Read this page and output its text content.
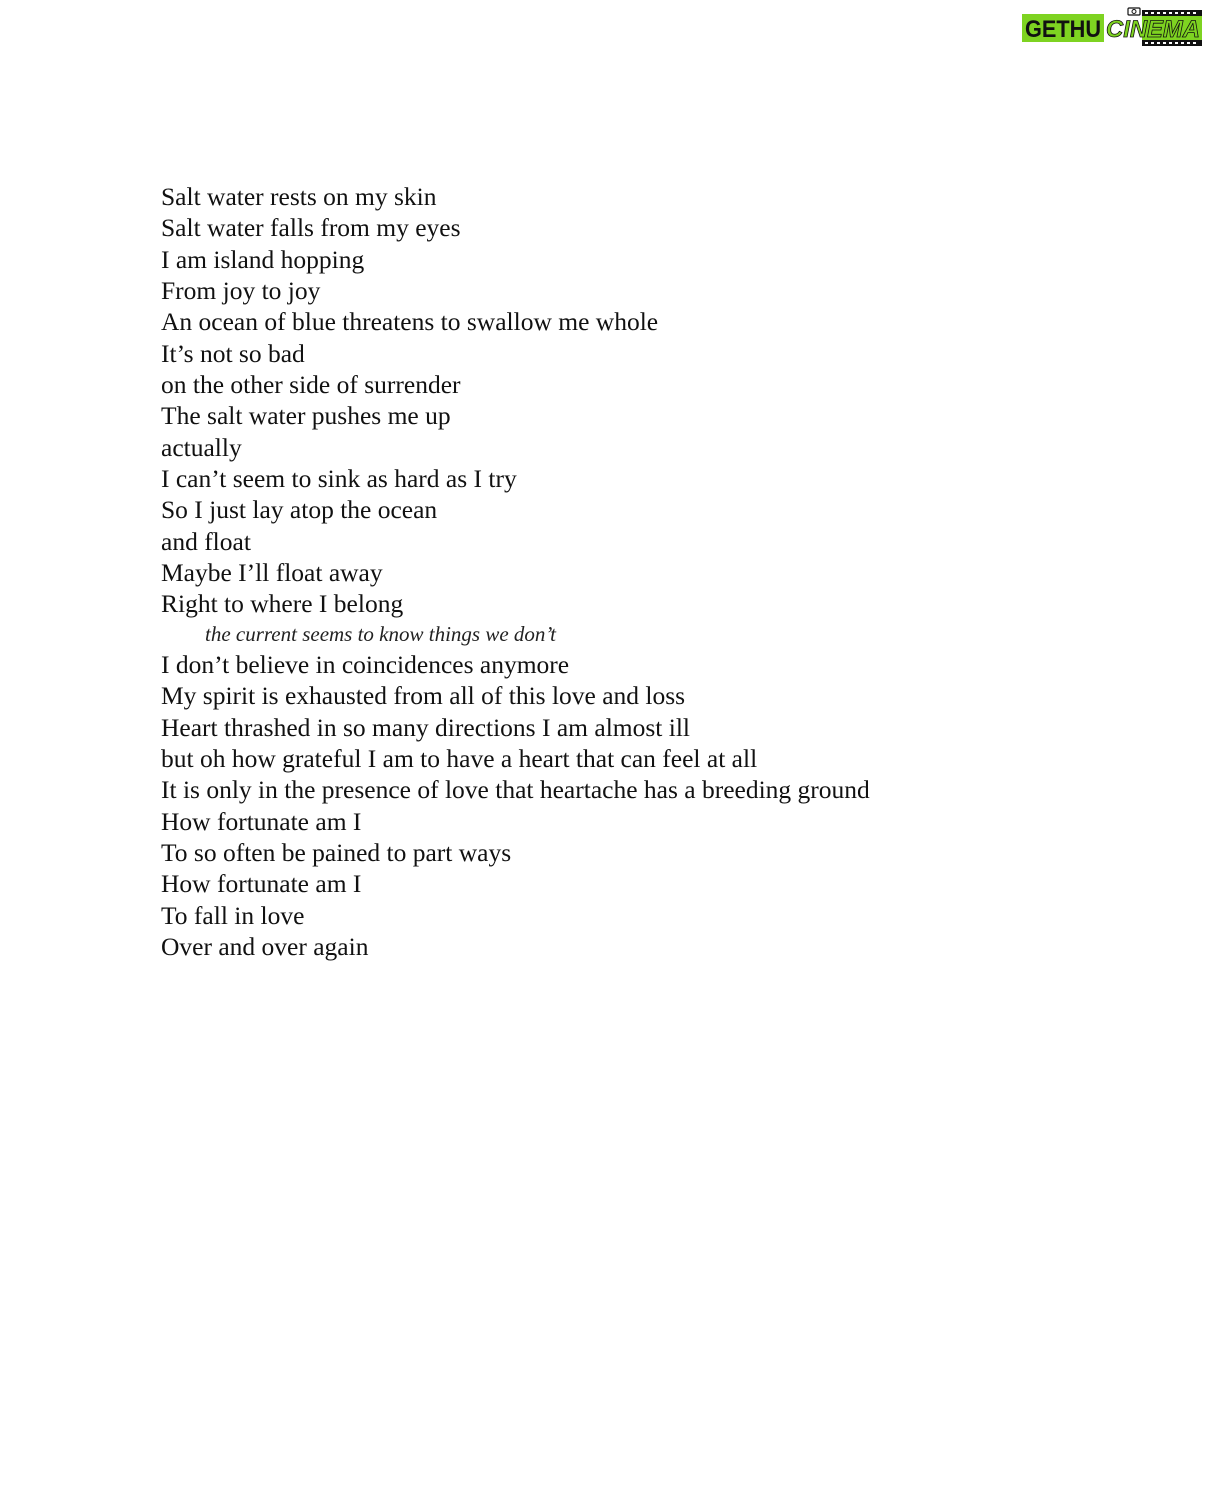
GETHU CINEMA
Salt water rests on my skin
Salt water falls from my eyes
I am island hopping
From joy to joy
An ocean of blue threatens to swallow me whole
It’s not so bad
on the other side of surrender
The salt water pushes me up
actually
I can’t seem to sink as hard as I try
So I just lay atop the ocean
and float
Maybe I’ll float away
Right to where I belong
the current seems to know things we don’t
I don’t believe in coincidences anymore
My spirit is exhausted from all of this love and loss
Heart thrashed in so many directions I am almost ill
but oh how grateful I am to have a heart that can feel at all
It is only in the presence of love that heartache has a breeding ground
How fortunate am I
To so often be pained to part ways
How fortunate am I
To fall in love
Over and over again
